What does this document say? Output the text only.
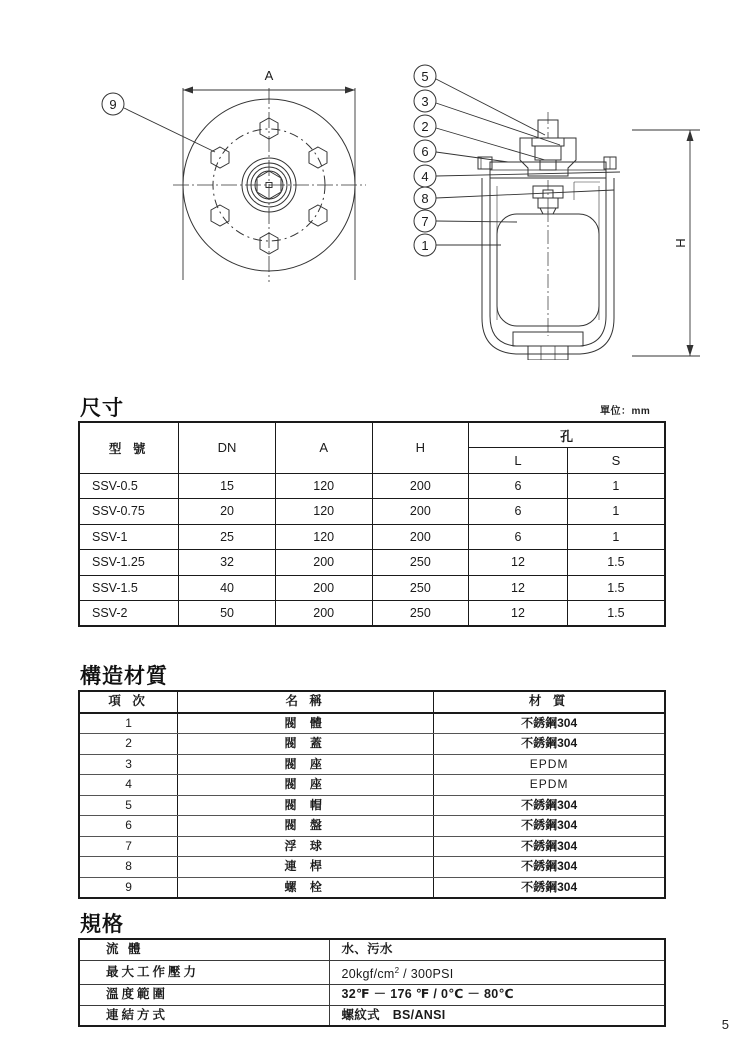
A
H
9
5
3
2
6
4
8
7
1
尺寸	單位：mm
型 號	DN	A	H	孔	
				L	S
SSV-0.5	15	120	200	6	1
SSV-0.75	20	120	200	6	1
SSV-1	25	120	200	6	1
SSV-1.25	32	200	250	12	1.5
SSV-1.5	40	200	250	12	1.5
SSV-2	50	200	250	12	1.5
構造材質
項 次	名 稱	材 質
1	閥 體	不銹鋼304
2	閥 蓋	不銹鋼304
3	閥 座	EPDM
4	閥 座	EPDM
5	閥 帽	不銹鋼304
6	閥 盤	不銹鋼304
7	浮 球	不銹鋼304
8	連 桿	不銹鋼304
9	螺 栓	不銹鋼304
規格
流 體	水、污水
最大工作壓力	$20kgf/cm^2 / 300PSI$
溫度範圍	32℉ － 176 ℉ / 0℃ － 80℃
連結方式	螺紋式　BS/ANSI
5
